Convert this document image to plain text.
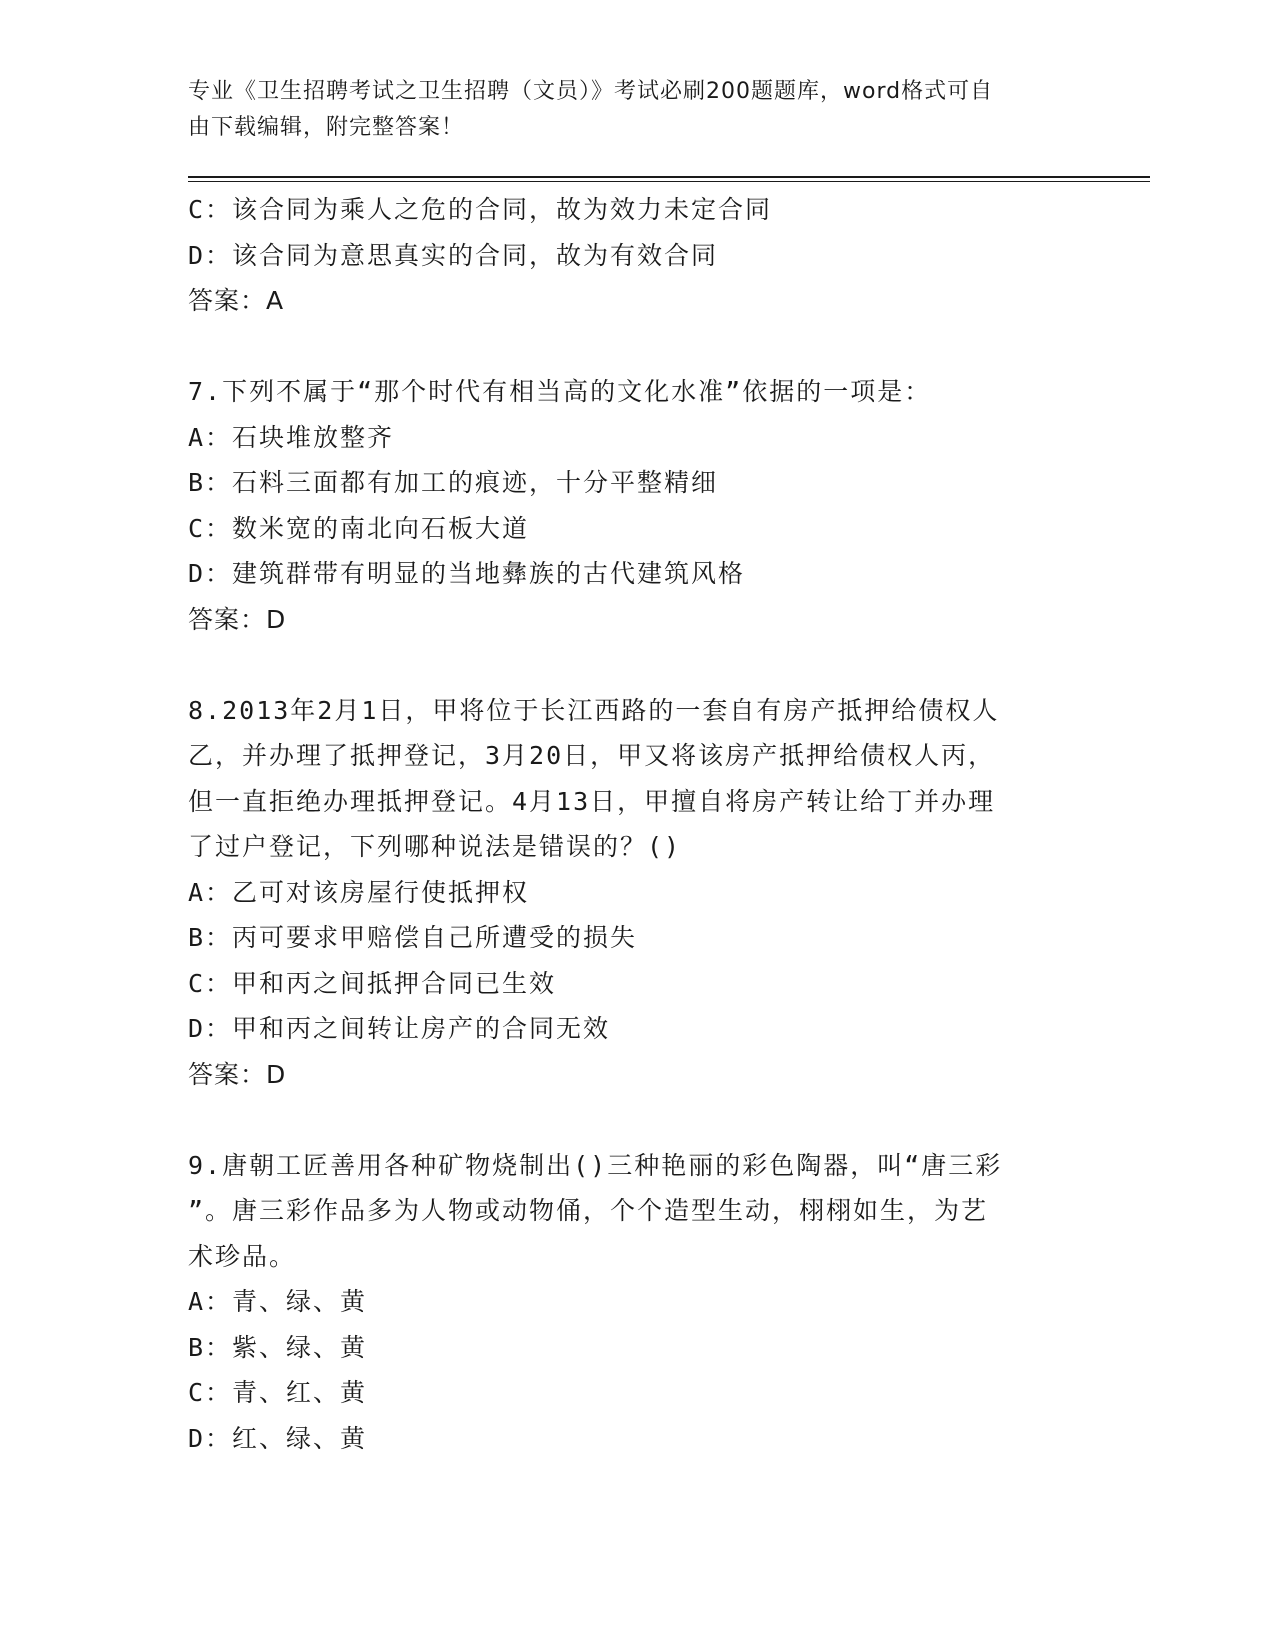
专业《卫生招聘考试之卫生招聘（文员）》考试必刷200题题库，word格式可自
由下载编辑，附完整答案！
C：该合同为乘人之危的合同，故为效力未定合同
D：该合同为意思真实的合同，故为有效合同
答案：A
7.下列不属于“那个时代有相当高的文化水准”依据的一项是：
A：石块堆放整齐
B：石料三面都有加工的痕迹，十分平整精细
C：数米宽的南北向石板大道
D：建筑群带有明显的当地彝族的古代建筑风格
答案：D
8.2013年2月1日，甲将位于长江西路的一套自有房产抵押给债权人
乙，并办理了抵押登记，3月20日，甲又将该房产抵押给债权人丙，
但一直拒绝办理抵押登记。4月13日，甲擅自将房产转让给丁并办理
了过户登记，下列哪种说法是错误的？()
A：乙可对该房屋行使抵押权
B：丙可要求甲赔偿自己所遭受的损失
C：甲和丙之间抵押合同已生效
D：甲和丙之间转让房产的合同无效
答案：D
9.唐朝工匠善用各种矿物烧制出()三种艳丽的彩色陶器，叫“唐三彩
”。唐三彩作品多为人物或动物俑，个个造型生动，栩栩如生，为艺
术珍品。
A：青、绿、黄
B：紫、绿、黄
C：青、红、黄
D：红、绿、黄
